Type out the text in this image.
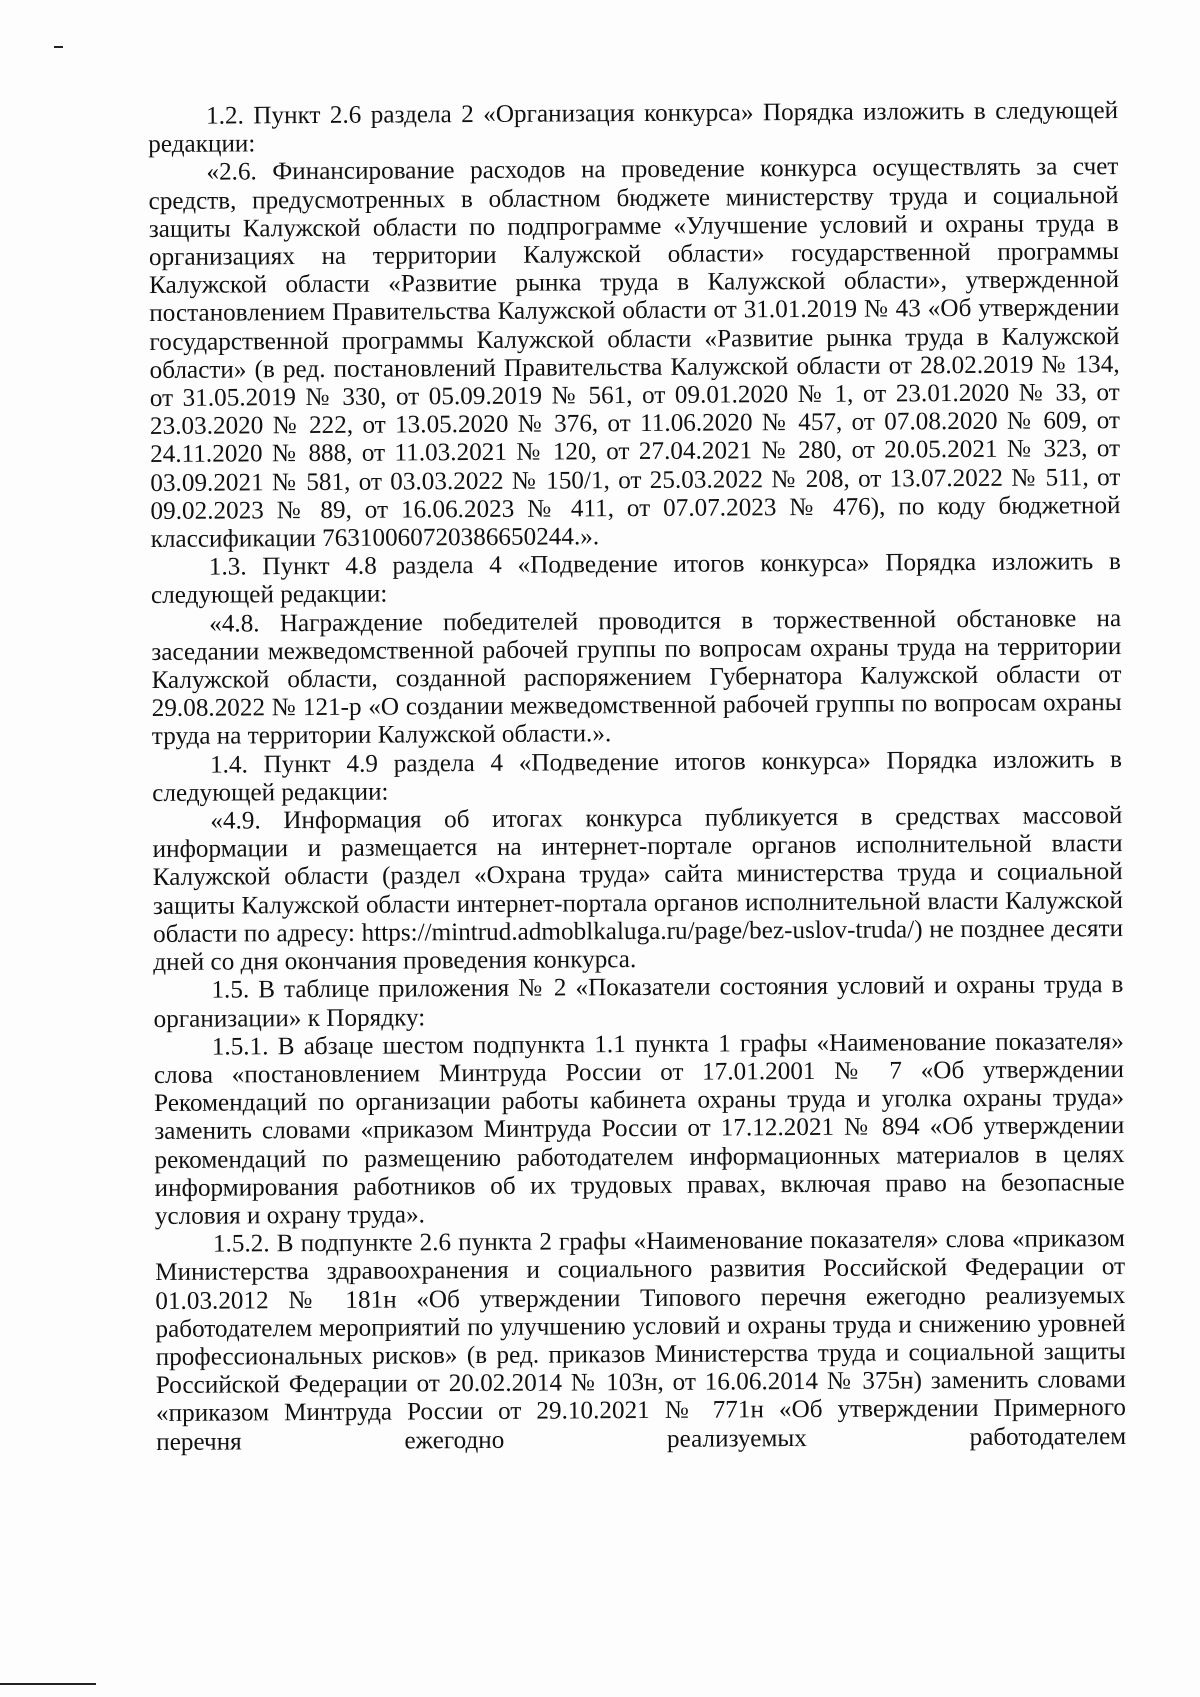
1.2. Пункт 2.6 раздела 2 «Организация конкурса» Порядка изложить в следующей редакции:

«2.6. Финансирование расходов на проведение конкурса осуществлять за счет средств, предусмотренных в областном бюджете министерству труда и социальной защиты Калужской области по подпрограмме «Улучшение условий и охраны труда в организациях на территории Калужской области» государственной программы Калужской области «Развитие рынка труда в Калужской области», утвержденной постановлением Правительства Калужской области от 31.01.2019 № 43 «Об утверждении государственной программы Калужской области «Развитие рынка труда в Калужской области» (в ред. постановлений Правительства Калужской области от 28.02.2019 № 134, от 31.05.2019 № 330, от 05.09.2019 № 561, от 09.01.2020 № 1, от 23.01.2020 № 33, от 23.03.2020 № 222, от 13.05.2020 № 376, от 11.06.2020 № 457, от 07.08.2020 № 609, от 24.11.2020 № 888, от 11.03.2021 № 120, от 27.04.2021 № 280, от 20.05.2021 № 323, от 03.09.2021 № 581, от 03.03.2022 № 150/1, от 25.03.2022 № 208, от 13.07.2022 № 511, от 09.02.2023 № 89, от 16.06.2023 № 411, от 07.07.2023 № 476), по коду бюджетной классификации 76310060720386650244.».

1.3. Пункт 4.8 раздела 4 «Подведение итогов конкурса» Порядка изложить в следующей редакции:

«4.8. Награждение победителей проводится в торжественной обстановке на заседании межведомственной рабочей группы по вопросам охраны труда на территории Калужской области, созданной распоряжением Губернатора Калужской области от 29.08.2022 № 121-р «О создании межведомственной рабочей группы по вопросам охраны труда на территории Калужской области.».

1.4. Пункт 4.9 раздела 4 «Подведение итогов конкурса» Порядка изложить в следующей редакции:

«4.9. Информация об итогах конкурса публикуется в средствах массовой информации и размещается на интернет-портале органов исполнительной власти Калужской области (раздел «Охрана труда» сайта министерства труда и социальной защиты Калужской области интернет-портала органов исполнительной власти Калужской области по адресу: https://mintrud.admoblkaluga.ru/page/bez-uslov-truda/) не позднее десяти дней со дня окончания проведения конкурса.

1.5. В таблице приложения № 2 «Показатели состояния условий и охраны труда в организации» к Порядку:

1.5.1. В абзаце шестом подпункта 1.1 пункта 1 графы «Наименование показателя» слова «постановлением Минтруда России от 17.01.2001 № 7 «Об утверждении Рекомендаций по организации работы кабинета охраны труда и уголка охраны труда» заменить словами «приказом Минтруда России от 17.12.2021 № 894 «Об утверждении рекомендаций по размещению работодателем информационных материалов в целях информирования работников об их трудовых правах, включая право на безопасные условия и охрану труда».

1.5.2. В подпункте 2.6 пункта 2 графы «Наименование показателя» слова «приказом Министерства здравоохранения и социального развития Российской Федерации от 01.03.2012 № 181н «Об утверждении Типового перечня ежегодно реализуемых работодателем мероприятий по улучшению условий и охраны труда и снижению уровней профессиональных рисков» (в ред. приказов Министерства труда и социальной защиты Российской Федерации от 20.02.2014 № 103н, от 16.06.2014 № 375н) заменить словами «приказом Минтруда России от 29.10.2021 № 771н «Об утверждении Примерного перечня ежегодно реализуемых работодателем
